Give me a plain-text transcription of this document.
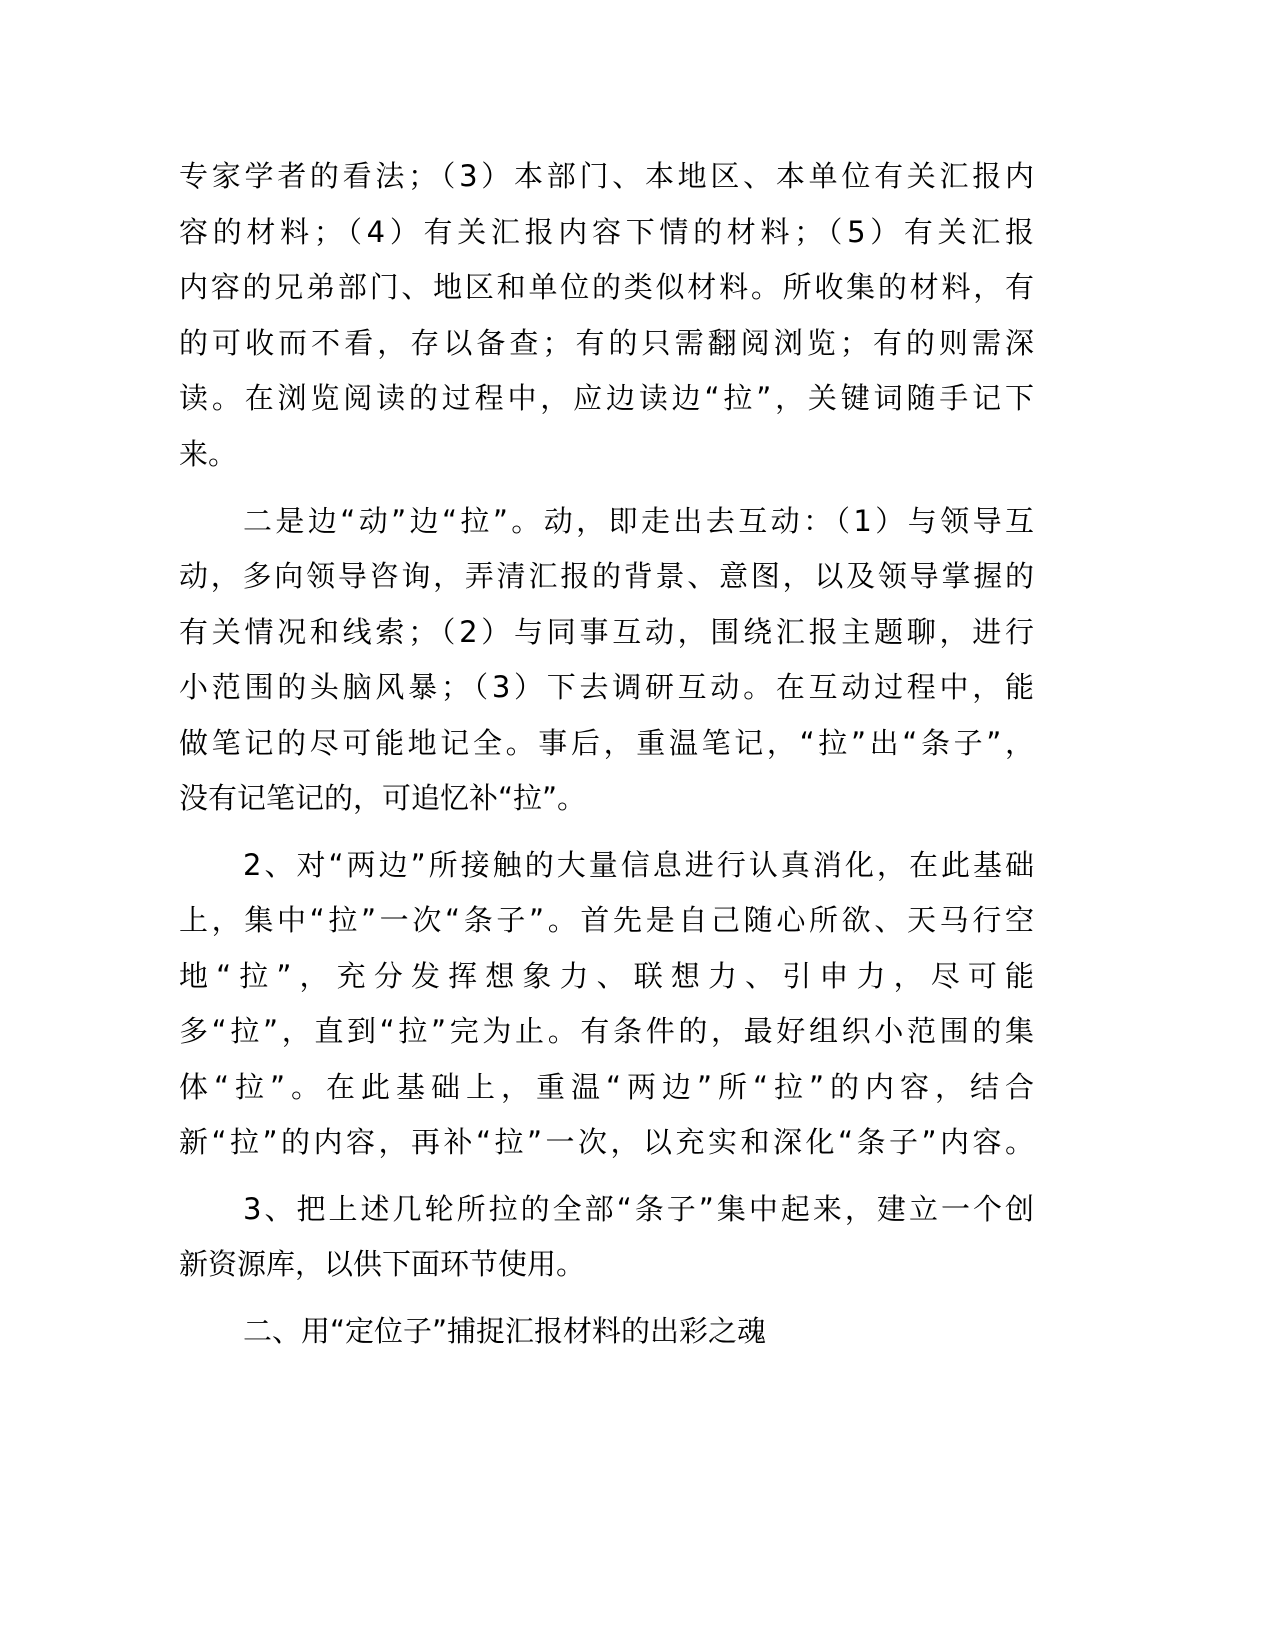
专家学者的看法；（3）本部门、本地区、本单位有关汇报内
容的材料；（4）有关汇报内容下情的材料；（5）有关汇报
内容的兄弟部门、地区和单位的类似材料。所收集的材料，有
的可收而不看，存以备查；有的只需翻阅浏览；有的则需深
读。在浏览阅读的过程中，应边读边“拉”，关键词随手记下
来。
二是边“动”边“拉”。动，即走出去互动：（1）与领导互
动，多向领导咨询，弄清汇报的背景、意图，以及领导掌握的
有关情况和线索；（2）与同事互动，围绕汇报主题聊，进行
小范围的头脑风暴；（3）下去调研互动。在互动过程中，能
做笔记的尽可能地记全。事后，重温笔记，“拉”出“条子”，
没有记笔记的，可追忆补“拉”。
2、对“两边”所接触的大量信息进行认真消化，在此基础
上，集中“拉”一次“条子”。首先是自己随心所欲、天马行空
地“拉”，充分发挥想象力、联想力、引申力，尽可能
多“拉”，直到“拉”完为止。有条件的，最好组织小范围的集
体“拉”。在此基础上，重温“两边”所“拉”的内容，结合
新“拉”的内容，再补“拉”一次，以充实和深化“条子”内容。
3、把上述几轮所拉的全部“条子”集中起来，建立一个创
新资源库，以供下面环节使用。
二、用“定位子”捕捉汇报材料的出彩之魂
